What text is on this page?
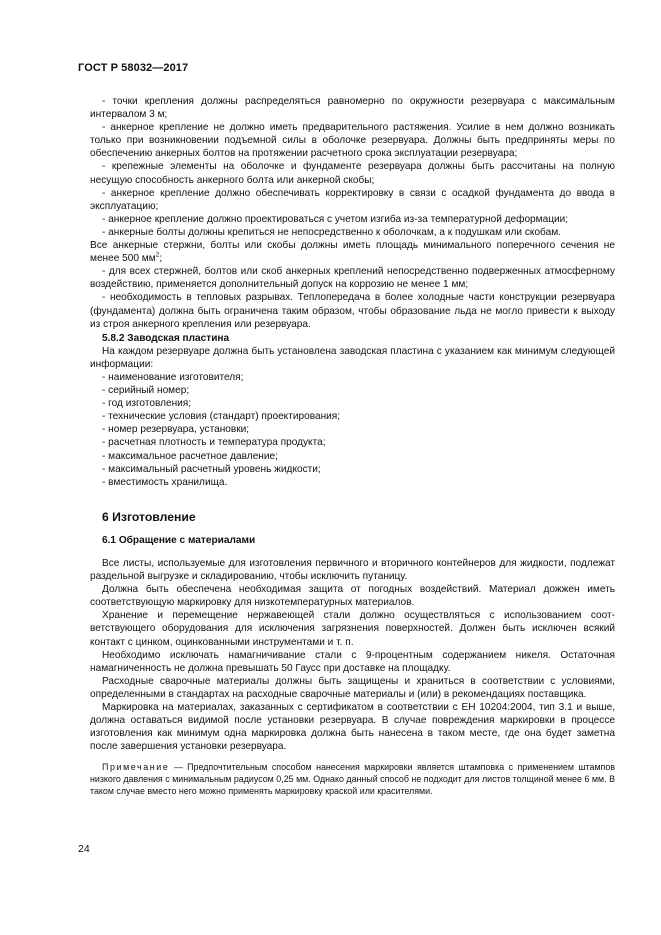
ГОСТ Р 58032—2017

- точки крепления должны распределяться равномерно по окружности резервуара с максимальным интервалом 3 м;

- анкерное крепление не должно иметь предварительного растяжения. Усилие в нем должно возникать только при возникновении подъемной силы в оболочке резервуара. Должны быть предприняты меры по обеспечению анкерных болтов на протяжении расчетного срока эксплуатации резервуара;

- крепежные элементы на оболочке и фундаменте резервуара должны быть рассчитаны на полную несущую способность анкерного болта или анкерной скобы;

- анкерное крепление должно обеспечивать корректировку в связи с осадкой фундамента до ввода в эксплуатацию;

- анкерное крепление должно проектироваться с учетом изгиба из-за температурной деформации;

- анкерные болты должны крепиться не непосредственно к оболочкам, а к подушкам или скобам.

Все анкерные стержни, болты или скобы должны иметь площадь минимального поперечного сечения не менее 500 $мм^2$;

- для всех стержней, болтов или скоб анкерных креплений непосредственно подверженных атмосферному воздействию, применяется дополнительный допуск на коррозию не менее 1 мм;

- необходимость в тепловых разрывах. Теплопередача в более холодные части конструкции резервуара (фундамента) должна быть ограничена таким образом, чтобы образование льда не могло привести к выходу из строя анкерного крепления или резервуара.

5.8.2 Заводская пластина

На каждом резервуаре должна быть установлена заводская пластина с указанием как минимум следующей информации:

- наименование изготовителя;

- серийный номер;

- год изготовления;

- технические условия (стандарт) проектирования;

- номер резервуара, установки;

- расчетная плотность и температура продукта;

- максимальное расчетное давление;

- максимальный расчетный уровень жидкости;

- вместимость хранилища.

6 Изготовление

6.1 Обращение с материалами

Все листы, используемые для изготовления первичного и вторичного контейнеров для жидкости, подлежат раздельной выгрузке и складированию, чтобы исключить путаницу.

Должна быть обеспечена необходимая защита от погодных воздействий. Материал дожжен иметь соответствующую маркировку для низкотемпературных материалов.

Хранение и перемещение нержавеющей стали должно осуществляться с использованием соответствующего оборудования для исключения загрязнения поверхностей. Должен быть исключен всякий контакт с цинком, оцинкованными инструментами и т. п.

Необходимо исключать намагничивание стали с 9-процентным содержанием никеля. Остаточная намагниченность не должна превышать 50 Гаусс при доставке на площадку.

Расходные сварочные материалы должны быть защищены и храниться в соответствии с условиями, определенными в стандартах на расходные сварочные материалы и (или) в рекомендациях поставщика.

Маркировка на материалах, заказанных с сертификатом в соответствии с ЕН 10204:2004, тип 3.1 и выше, должна оставаться видимой после установки резервуара. В случае повреждения маркировки в процессе изготовления как минимум одна маркировка должна быть нанесена в таком месте, где она будет заметна после завершения установки резервуара.

Примечание — Предпочтительным способом нанесения маркировки является штамповка с применением штампов низкого давления с минимальным радиусом 0,25 мм. Однако данный способ не подходит для листов толщиной менее 6 мм. В таком случае вместо него можно применять маркировку краской или красителями.

24
